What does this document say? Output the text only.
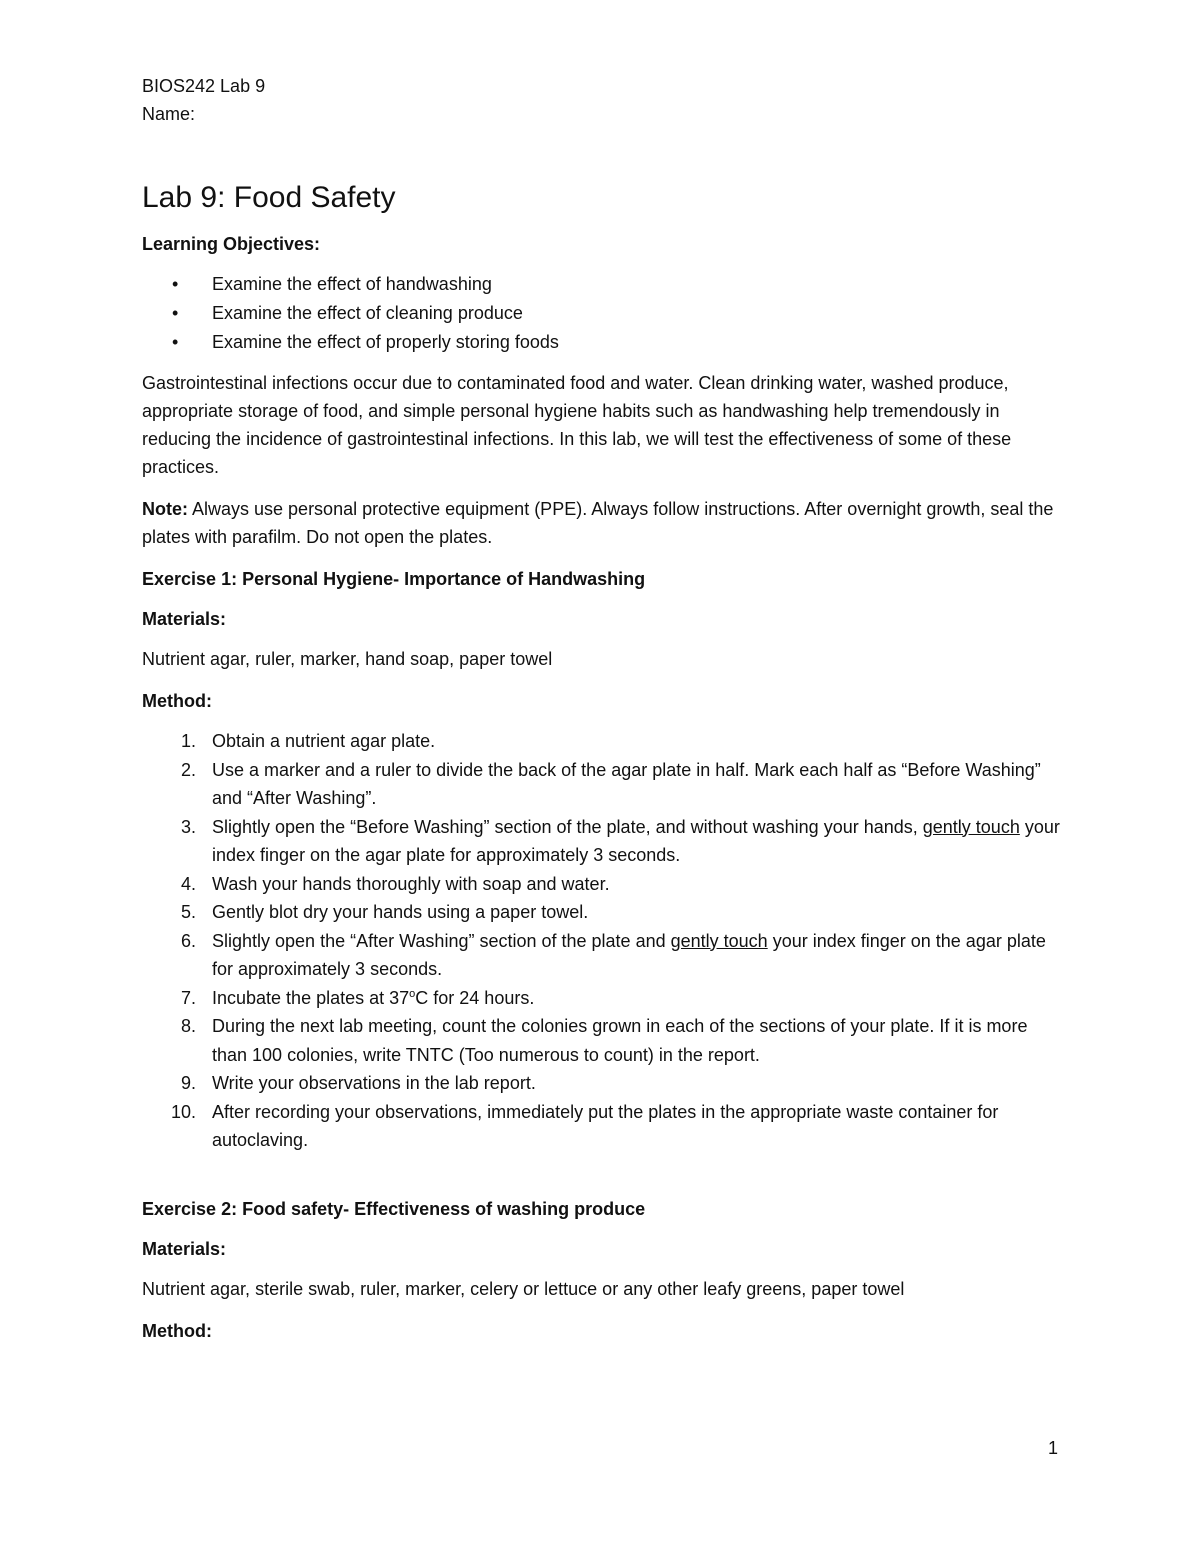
BIOS242 Lab 9
Name:
Lab 9: Food Safety
Learning Objectives:
• Examine the effect of handwashing
• Examine the effect of cleaning produce
• Examine the effect of properly storing foods

Gastrointestinal infections occur due to contaminated food and water. Clean drinking water, washed produce, appropriate storage of food, and simple personal hygiene habits such as handwashing help tremendously in reducing the incidence of gastrointestinal infections. In this lab, we will test the effectiveness of some of these practices.

Note: Always use personal protective equipment (PPE). Always follow instructions. After overnight growth, seal the plates with parafilm. Do not open the plates.

Exercise 1: Personal Hygiene- Importance of Handwashing
Materials:

Nutrient agar, ruler, marker, hand soap, paper towel

Method:
1. Obtain a nutrient agar plate.
2. Use a marker and a ruler to divide the back of the agar plate in half. Mark each half as “Before Washing” and “After Washing”.
3. Slightly open the “Before Washing” section of the plate, and without washing your hands, gently touch your index finger on the agar plate for approximately 3 seconds.
4. Wash your hands thoroughly with soap and water.
5. Gently blot dry your hands using a paper towel.
6. Slightly open the “After Washing” section of the plate and gently touch your index finger on the agar plate for approximately 3 seconds.
7. Incubate the plates at 37$^o$C for 24 hours.
8. During the next lab meeting, count the colonies grown in each of the sections of your plate. If it is more than 100 colonies, write TNTC (Too numerous to count) in the report.
9. Write your observations in the lab report.
10. After recording your observations, immediately put the plates in the appropriate waste container for autoclaving.
Exercise 2: Food safety- Effectiveness of washing produce
Materials:

Nutrient agar, sterile swab, ruler, marker, celery or lettuce or any other leafy greens, paper towel

Method:
1
